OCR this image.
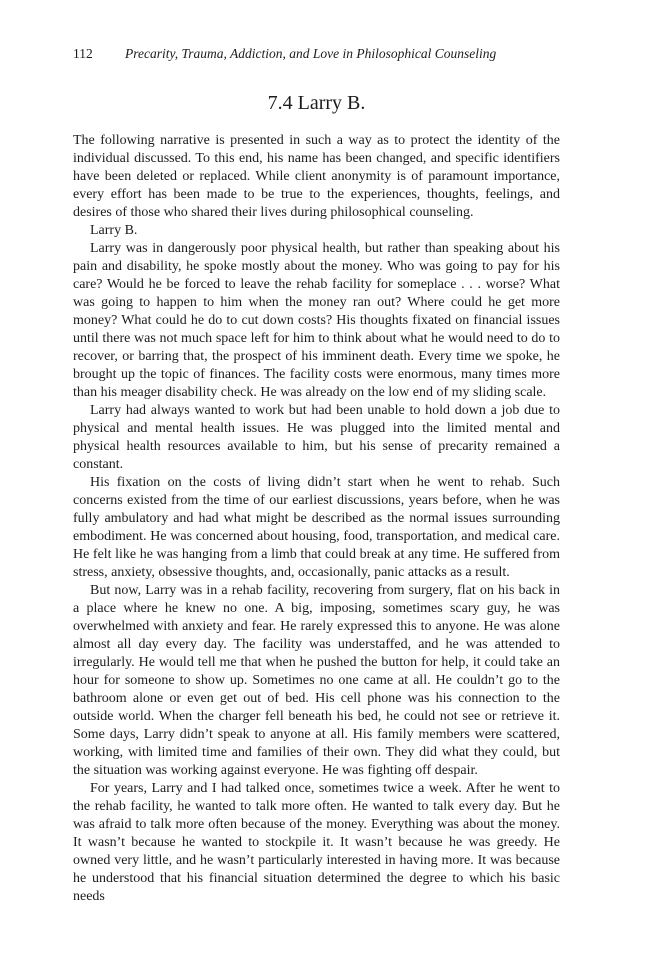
112 Precarity, Trauma, Addiction, and Love in Philosophical Counseling
7.4 Larry B.

The following narrative is presented in such a way as to protect the identity of the individual discussed. To this end, his name has been changed, and specific identifiers have been deleted or replaced. While client anonymity is of paramount importance, every effort has been made to be true to the experiences, thoughts, feelings, and desires of those who shared their lives during philosophical counseling.

Larry B.

Larry was in dangerously poor physical health, but rather than speaking about his pain and disability, he spoke mostly about the money. Who was going to pay for his care? Would he be forced to leave the rehab facility for someplace . . . worse? What was going to happen to him when the money ran out? Where could he get more money? What could he do to cut down costs? His thoughts fixated on financial issues until there was not much space left for him to think about what he would need to do to recover, or barring that, the prospect of his imminent death. Every time we spoke, he brought up the topic of finances. The facility costs were enormous, many times more than his meager disability check. He was already on the low end of my sliding scale.

Larry had always wanted to work but had been unable to hold down a job due to physical and mental health issues. He was plugged into the limited mental and physical health resources available to him, but his sense of precarity remained a constant.

His fixation on the costs of living didn’t start when he went to rehab. Such concerns existed from the time of our earliest discussions, years before, when he was fully ambulatory and had what might be described as the normal issues surrounding embodiment. He was concerned about housing, food, transportation, and medical care. He felt like he was hanging from a limb that could break at any time. He suffered from stress, anxiety, obsessive thoughts, and, occasionally, panic attacks as a result.

But now, Larry was in a rehab facility, recovering from surgery, flat on his back in a place where he knew no one. A big, imposing, sometimes scary guy, he was overwhelmed with anxiety and fear. He rarely expressed this to anyone. He was alone almost all day every day. The facility was understaffed, and he was attended to irregularly. He would tell me that when he pushed the button for help, it could take an hour for someone to show up. Sometimes no one came at all. He couldn’t go to the bathroom alone or even get out of bed. His cell phone was his connection to the outside world. When the charger fell beneath his bed, he could not see or retrieve it. Some days, Larry didn’t speak to anyone at all. His family members were scattered, working, with limited time and families of their own. They did what they could, but the situation was working against everyone. He was fighting off despair.

For years, Larry and I had talked once, sometimes twice a week. After he went to the rehab facility, he wanted to talk more often. He wanted to talk every day. But he was afraid to talk more often because of the money. Everything was about the money. It wasn’t because he wanted to stockpile it. It wasn’t because he was greedy. He owned very little, and he wasn’t particularly interested in having more. It was because he understood that his financial situation determined the degree to which his basic needs
